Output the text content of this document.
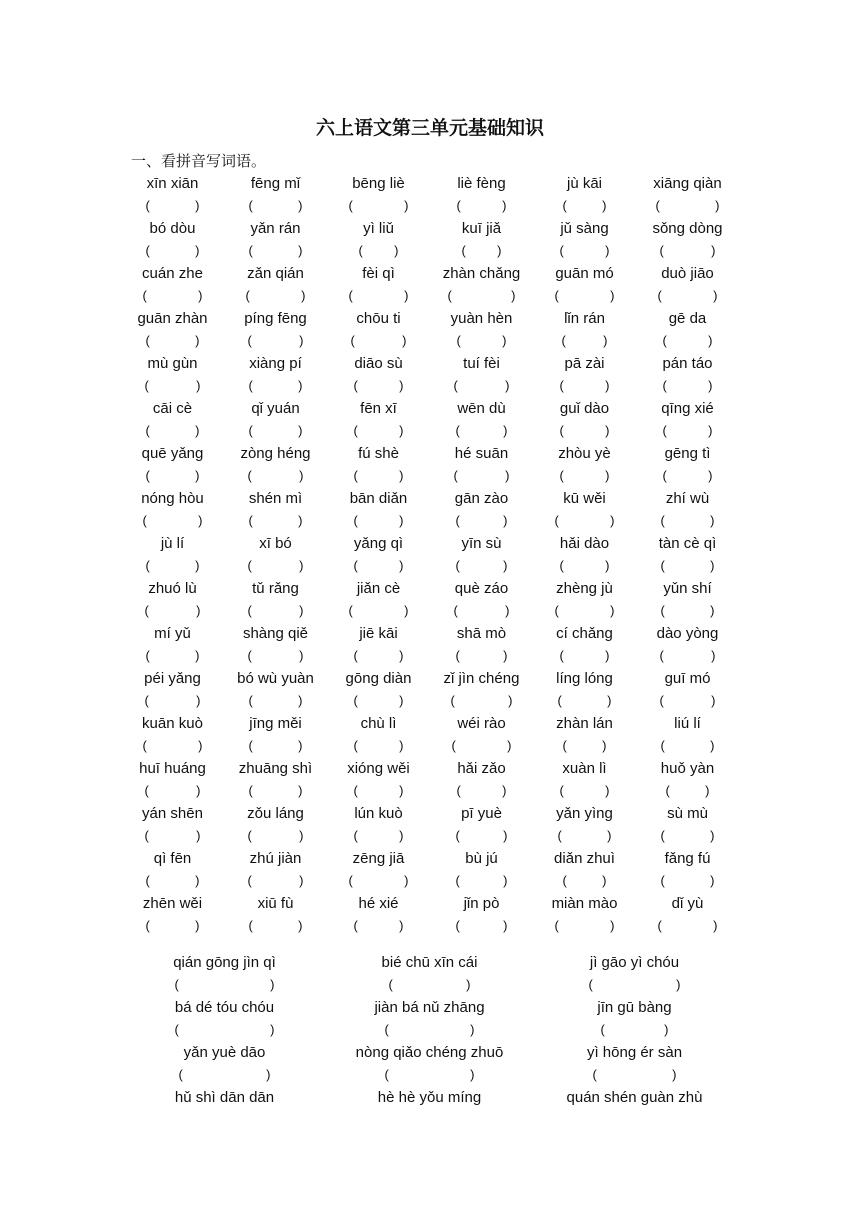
六上语文第三单元基础知识
一、看拼音写词语。
xīn xiān	fēng mǐ	bēng liè	liè fèng	jù kāi	xiāng qiàn
(	)	(	)	(	)	(	)	(	)	(	)
bó dòu	yǎn rán	yì liǔ	kuī jiǎ	jǔ sàng	sǒng dòng
(	)	(	)	( )	( )	(	)	(	)
cuán zhe	zǎn qián	fèi qì	zhàn chǎng	guān mó	duò jiāo
(	)	(	)	(	)	(	)	(	)	(	)
guān zhàn	píng fēng	chōu ti	yuàn hèn	lǐn rán	gē da
(	)	(	)	(	)	(	)	(	)	(	)
mù gùn	xiàng pí	diāo sù	tuí fèi	pā zài	pán táo
(	)	(	)	(	)	(	)	(	)	(	)
cāi cè	qǐ yuán	fēn xī	wēn dù	guǐ dào	qīng xié
(	)	(	)	(	)	(	)	(	)	(	)
quē yǎng	zòng héng	fú shè	hé suān	zhòu yè	gēng tì
(	)	(	)	(	)	(	)	(	)	(	)
nóng hòu	shén mì	bān diǎn	gān zào	kū wěi	zhí wù
(	)	(	)	(	)	(	)	(	)	(	)
jù lí	xī bó	yǎng qì	yīn sù	hǎi dào	tàn cè qì
(	)	(	)	(	)	(	)	(	)	(	)
zhuó lù	tǔ rǎng	jiǎn cè	què záo	zhèng jù	yǔn shí
(	)	(	)	(	)	(	)	(	)	(	)
mí yǔ	shàng qiě	jiē kāi	shā mò	cí chǎng	dào yòng
(	)	(	)	(	)	(	)	(	)	(	)
péi yǎng	bó wù yuàn	gōng diàn	zǐ jìn chéng	líng lóng	guī mó
(	)	(	)	(	)	(	)	(	)	(	)
kuān kuò	jīng měi	chù lì	wéi rào	zhàn lán	liú lí
(	)	(	)	(	)	(	)	(	)	(	)
huī huáng	zhuāng shì	xióng wěi	hǎi zǎo	xuàn lì	huǒ yàn
(	)	(	)	(	)	(	)	(	)	(	)
yán shēn	zǒu láng	lún kuò	pī yuè	yǎn yìng	sù mù
(	)	(	)	(	)	(	)	(	)	(	)
qì fēn	zhú jiàn	zēng jiā	bù jú	diǎn zhuì	fǎng fú
(	)	(	)	(	)	(	)	(	)	(	)
zhēn wěi	xiū fù	hé xié	jǐn pò	miàn mào	dǐ yù
(	)	(	)	(	)	(	)	(	)	(	)
qián gōng jìn qì	bié chū xīn cái	jì gāo yì chóu
(	)	(	)	(	)
bá dé tóu chóu	jiàn bá nǔ zhāng	jīn gū bàng
(	)	(	)	(	)
yǎn yuè dāo	nòng qiǎo chéng zhuō	yì hōng ér sàn
(	)	(	)	(	)
hǔ shì dān dān	hè hè yǒu míng	quán shén guàn zhù
